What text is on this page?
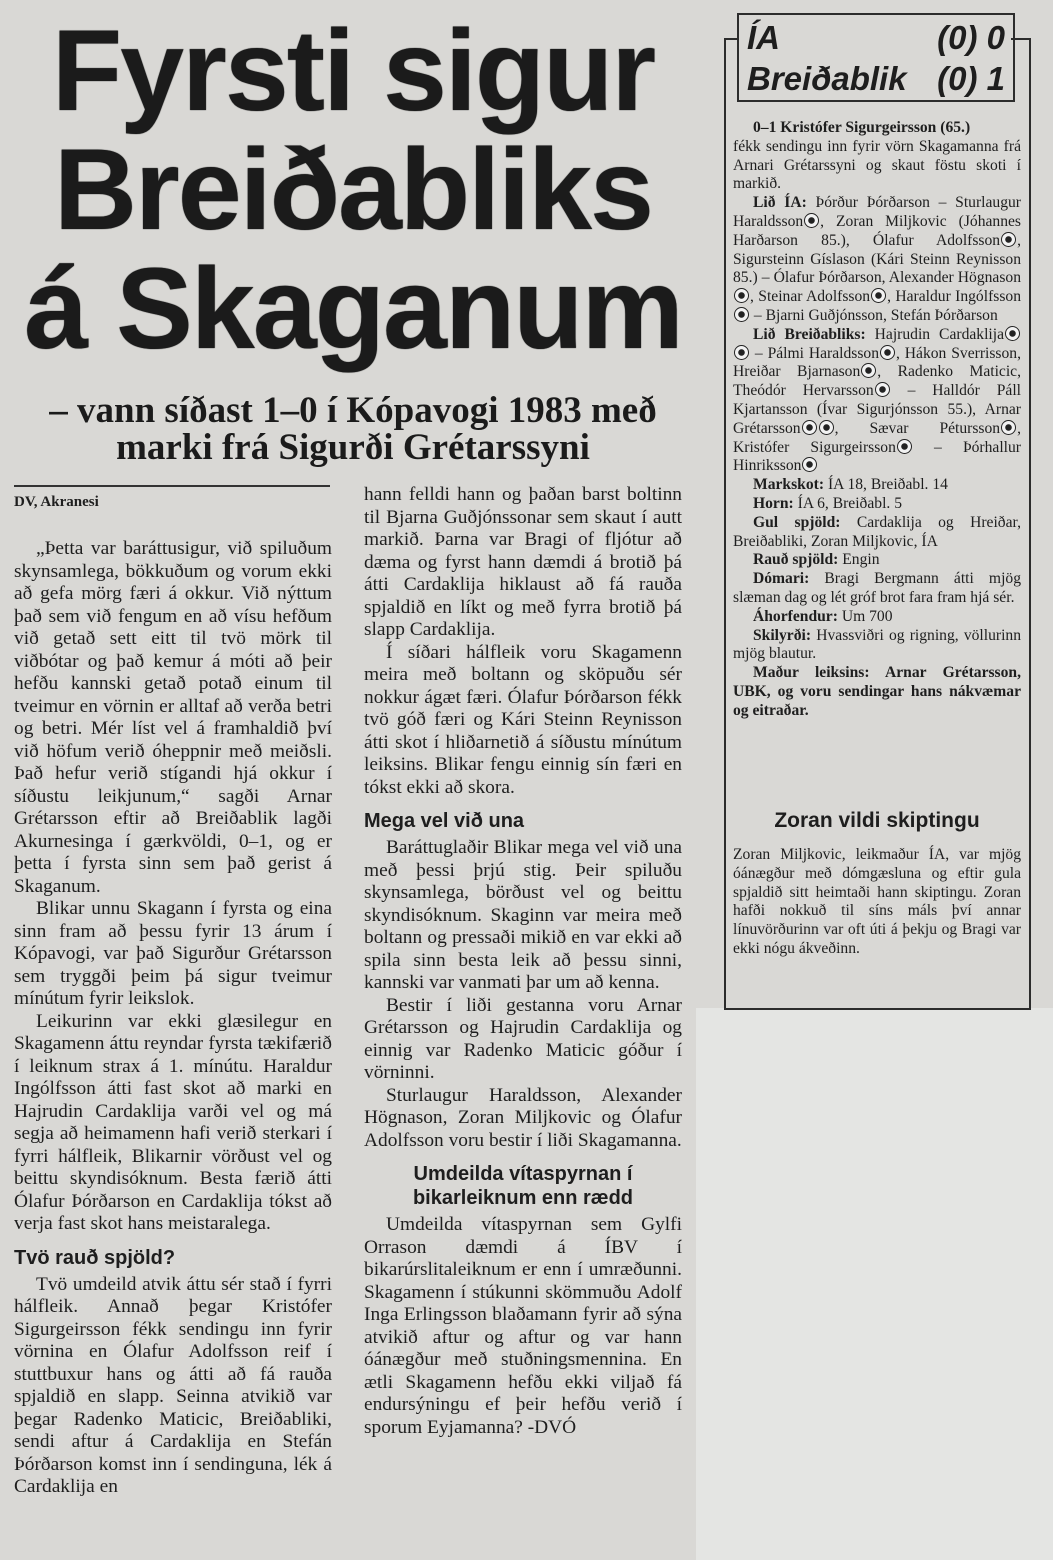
Fyrsti sigur
Breiðabliks
á Skaganum
– vann síðast 1–0 í Kópavogi 1983 með
marki frá Sigurði Grétarssyni
DV, Akranesi

„Þetta var baráttusigur, við spiluðum skynsamlega, bökkuðum og vorum ekki að gefa mörg færi á okkur. Við nýttum það sem við fengum en að vísu hefðum við getað sett eitt til tvö mörk til viðbótar og það kemur á móti að þeir hefðu kannski getað potað einum til tveimur en vörnin er alltaf að verða betri og betri. Mér líst vel á framhaldið því við höfum verið óheppnir með meiðsli. Það hefur verið stígandi hjá okkur í síðustu leikjunum,“ sagði Arnar Grétarsson eftir að Breiðablik lagði Akurnesinga í gærkvöldi, 0–1, og er þetta í fyrsta sinn sem það gerist á Skaganum.

Blikar unnu Skagann í fyrsta og eina sinn fram að þessu fyrir 13 árum í Kópavogi, var það Sigurður Grétarsson sem tryggði þeim þá sigur tveimur mínútum fyrir leikslok.

Leikurinn var ekki glæsilegur en Skagamenn áttu reyndar fyrsta tækifærið í leiknum strax á 1. mínútu. Haraldur Ingólfsson átti fast skot að marki en Hajrudin Cardaklija varði vel og má segja að heimamenn hafi verið sterkari í fyrri hálfleik, Blikarnir vörðust vel og beittu skyndisóknum. Besta færið átti Ólafur Þórðarson en Cardaklija tókst að verja fast skot hans meistaralega.

Tvö rauð spjöld?

Tvö umdeild atvik áttu sér stað í fyrri hálfleik. Annað þegar Kristófer Sigurgeirsson fékk sendingu inn fyrir vörnina en Ólafur Adolfsson reif í stuttbuxur hans og átti að fá rauða spjaldið en slapp. Seinna atvikið var þegar Radenko Maticic, Breiðabliki, sendi aftur á Cardaklija en Stefán Þórðarson komst inn í sendinguna, lék á Cardaklija en

hann felldi hann og þaðan barst boltinn til Bjarna Guðjónssonar sem skaut í autt markið. Þarna var Bragi of fljótur að dæma og fyrst hann dæmdi á brotið þá átti Cardaklija hiklaust að fá rauða spjaldið en líkt og með fyrra brotið þá slapp Cardaklija.

Í síðari hálfleik voru Skagamenn meira með boltann og sköpuðu sér nokkur ágæt færi. Ólafur Þórðarson fékk tvö góð færi og Kári Steinn Reynisson átti skot í hliðarnetið á síðustu mínútum leiksins. Blikar fengu einnig sín færi en tókst ekki að skora.

Mega vel við una

Baráttuglaðir Blikar mega vel við una með þessi þrjú stig. Þeir spiluðu skynsamlega, börðust vel og beittu skyndisóknum. Skaginn var meira með boltann og pressaði mikið en var ekki að spila sinn besta leik að þessu sinni, kannski var vanmati þar um að kenna.

Bestir í liði gestanna voru Arnar Grétarsson og Hajrudin Cardaklija og einnig var Radenko Maticic góður í vörninni.

Sturlaugur Haraldsson, Alexander Högnason, Zoran Miljkovic og Ólafur Adolfsson voru bestir í liði Skagamanna.

Umdeilda vítaspyrnan í bikarleiknum enn rædd

Umdeilda vítaspyrnan sem Gylfi Orrason dæmdi á ÍBV í bikarúrslitaleiknum er enn í umræðunni. Skagamenn í stúkunni skömmuðu Adolf Inga Erlingsson blaðamann fyrir að sýna atvikið aftur og aftur og var hann óánægður með stuðningsmennina. En ætli Skagamenn hefðu ekki viljað fá endursýningu ef þeir hefðu verið í sporum Eyjamanna? -DVÓ

ÍA	(0) 0
Breiðablik (0) 1

0–1 Kristófer Sigurgeirsson (65.)
fékk sendingu inn fyrir vörn Skagamanna frá Arnari Grétarssyni og skaut föstu skoti í markið.

Lið ÍA: Þórður Þórðarson – Sturlaugur Haraldsson , Zoran Miljkovic (Jóhannes Harðarson 85.), Ólafur Adolfsson , Sigursteinn Gíslason (Kári Steinn Reynisson 85.) – Ólafur Þórðarson, Alexander Högnason, Steinar Adolfsson , Haraldur Ingólfsson – Bjarni Guðjónsson, Stefán Þórðarson

Lið Breiðabliks: Hajrudin Cardaklija – Pálmi Haraldsson , Hákon Sverrisson, Hreiðar Bjarnason , Radenko Maticic, Theódór Hervarsson – Halldór Páll Kjartansson (Ívar Sigurjónsson 55.), Arnar Grétarsson , Sævar Pétursson , Kristófer Sigurgeirsson – Þórhallur Hinriksson

Markskot: ÍA 18, Breiðabl. 14

Horn: ÍA 6, Breiðabl. 5

Gul spjöld: Cardaklija og Hreiðar, Breiðabliki, Zoran Miljkovic, ÍA

Rauð spjöld: Engin

Dómari: Bragi Bergmann átti mjög slæman dag og lét gróf brot fara fram hjá sér.

Áhorfendur: Um 700

Skilyrði: Hvassviðri og rigning, völlurinn mjög blautur.

Maður leiksins: Arnar Grétarsson, UBK, og voru sendingar hans nákvæmar og eitraðar.

Zoran vildi skiptingu
Zoran Miljkovic, leikmaður ÍA, var mjög óánægður með dómgæsluna og eftir gula spjaldið sitt heimtaði hann skiptingu. Zoran hafði nokkuð til síns máls því annar línuvörðurinn var oft úti á þekju og Bragi var ekki nógu ákveðinn.
